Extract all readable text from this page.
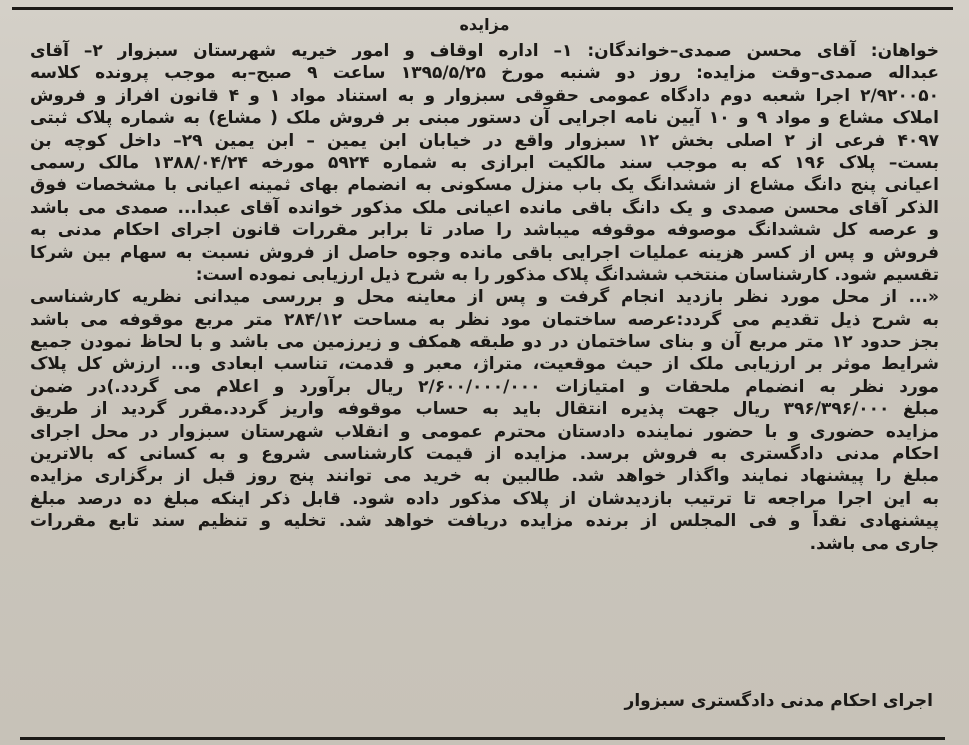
مزایده
خواهان: آقای محسن صمدی–خواندگان: ۱– اداره اوقاف و امور خیریه شهرستان سبزوار ۲– آقای
عبداله صمدی–وقت مزایده: روز دو شنبه مورخ ۱۳۹۵/۵/۲۵ ساعت ۹ صبح–به موجب پرونده کلاسه
۲/۹۲۰۰۵۰ اجرا شعبه دوم دادگاه عمومی حقوقی سبزوار و به استناد مواد ۱ و ۴ قانون افراز و فروش
املاک مشاع و مواد ۹ و ۱۰ آیین نامه اجرایی آن دستور مبنی بر فروش ملک ( مشاع) به شماره پلاک ثبتی
۴۰۹۷ فرعی از ۲ اصلی بخش ۱۲ سبزوار واقع در خیابان ابن یمین – ابن یمین ۲۹– داخل کوچه بن
بست– پلاک ۱۹۶ که به موجب سند مالکیت ابرازی به شماره ۵۹۲۴ مورخه ۱۳۸۸/۰۴/۲۴ مالک رسمی
اعیانی پنج دانگ مشاع از ششدانگ یک باب منزل مسکونی به انضمام بهای ثمینه اعیانی با مشخصات فوق
الذکر آقای محسن صمدی و یک دانگ باقی مانده اعیانی ملک مذکور خوانده آقای عبدا... صمدی می باشد
و عرصه کل ششدانگ موصوفه موقوفه میباشد را صادر تا برابر مقررات قانون اجرای احکام مدنی به
فروش و پس از کسر هزینه عملیات اجرایی باقی مانده وجوه حاصل از فروش نسبت به سهام بین شرکا
تقسیم شود. کارشناسان منتخب ششدانگ پلاک مذکور را به شرح ذیل ارزیابی نموده است:
«... از محل مورد نظر بازدید انجام گرفت و پس از معاینه محل و بررسی میدانی نظریه کارشناسی
به شرح ذیل تقدیم می گردد:عرصه ساختمان مود نظر به مساحت ۲۸۴/۱۲ متر مربع موقوفه می باشد
بجز حدود ۱۲ متر مربع آن و بنای ساختمان در دو طبقه همکف و زیرزمین می باشد و با لحاظ نمودن جمیع
شرایط موثر بر ارزیابی ملک از حیث موقعیت، متراژ، معبر و قدمت، تناسب ابعادی و... ارزش کل پلاک
مورد نظر به انضمام ملحقات و امتیازات ۲/۶۰۰/۰۰۰/۰۰۰ ریال برآورد و اعلام می گردد.)در ضمن
مبلغ ۳۹۶/۳۹۶/۰۰۰ ریال جهت پذیره انتقال باید به حساب موقوفه واریز گردد.مقرر گردید از طریق
مزایده حضوری و با حضور نماینده دادستان محترم عمومی و انقلاب شهرستان سبزوار در محل اجرای
احکام مدنی دادگستری به فروش برسد. مزایده از قیمت کارشناسی شروع و به کسانی که بالاترین
مبلغ را پیشنهاد نمایند واگذار خواهد شد. طالبین به خرید می توانند پنج روز قبل از برگزاری مزایده
به این اجرا مراجعه تا ترتیب بازدیدشان از پلاک مذکور داده شود. قابل ذکر اینکه مبلغ ده درصد مبلغ
پیشنهادی نقداً و فی المجلس از برنده مزایده دریافت خواهد شد. تخلیه و تنظیم سند تابع مقررات
جاری می باشد.
اجرای احکام مدنی دادگستری سبزوار
